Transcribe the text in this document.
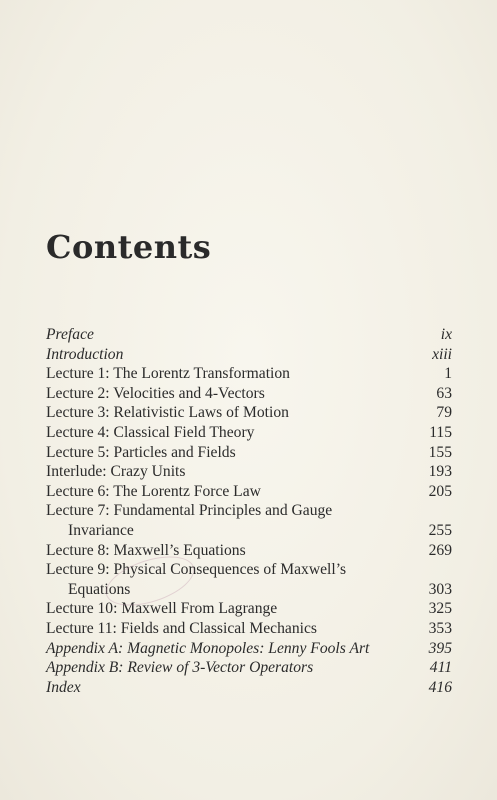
Contents
Preface	ix
Introduction	xiii
Lecture 1: The Lorentz Transformation	1
Lecture 2: Velocities and 4-Vectors	63
Lecture 3: Relativistic Laws of Motion	79
Lecture 4: Classical Field Theory	115
Lecture 5: Particles and Fields	155
Interlude: Crazy Units	193
Lecture 6: The Lorentz Force Law	205
Lecture 7: Fundamental Principles and Gauge
Invariance	255
Lecture 8: Maxwell’s Equations	269
Lecture 9: Physical Consequences of Maxwell’s
Equations	303
Lecture 10: Maxwell From Lagrange	325
Lecture 11: Fields and Classical Mechanics	353
Appendix A: Magnetic Monopoles: Lenny Fools Art	395
Appendix B: Review of 3-Vector Operators	411
Index	416
